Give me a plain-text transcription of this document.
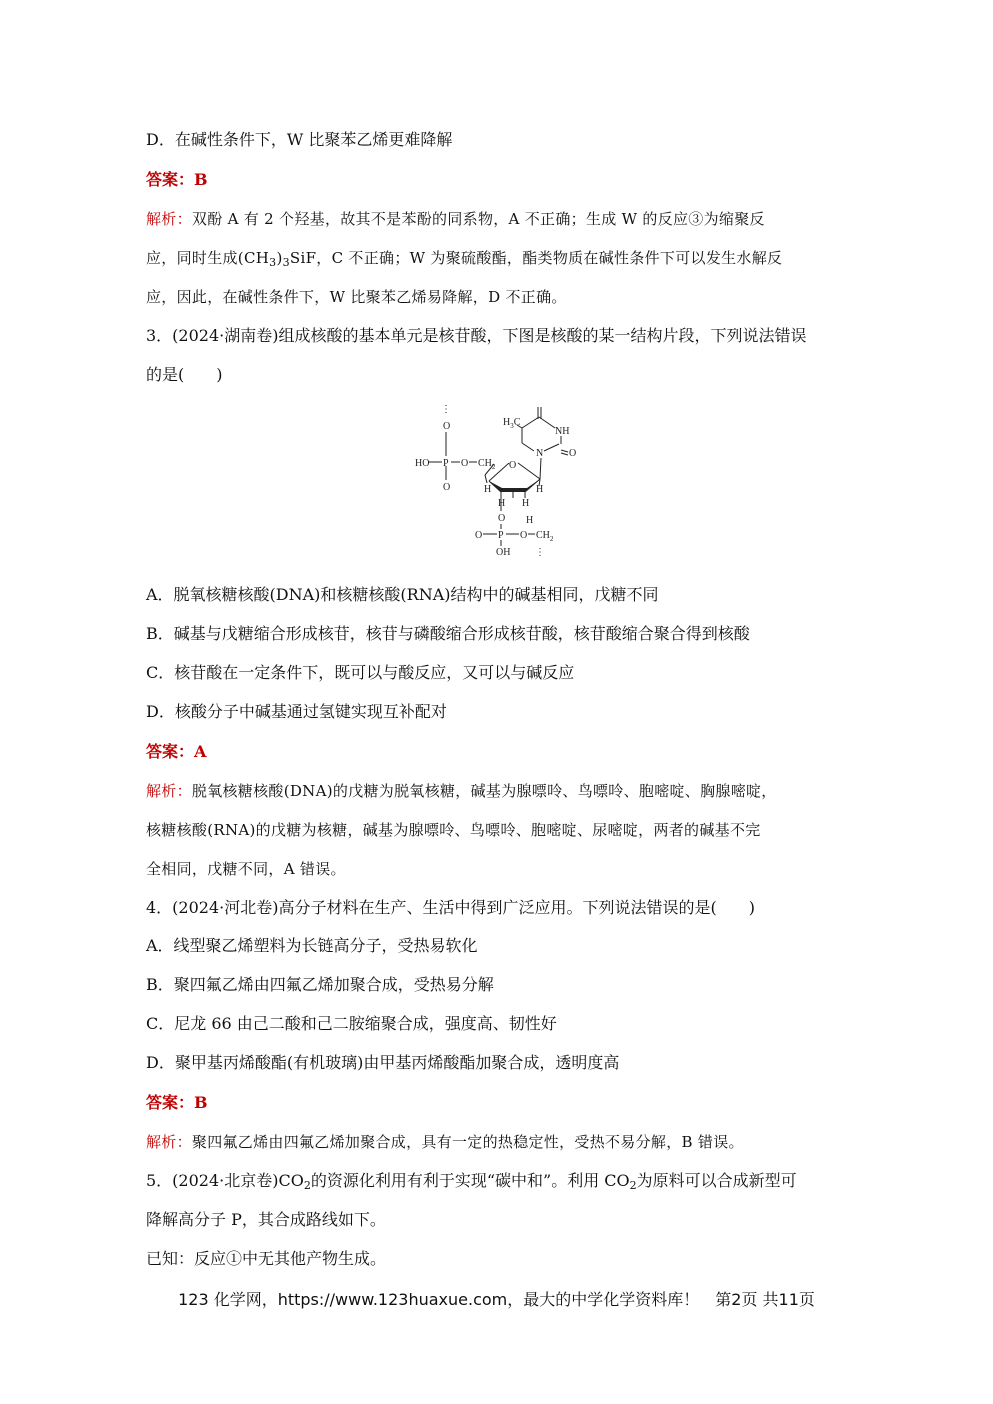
D．在碱性条件下，W 比聚苯乙烯更难降解
答案：B
解析：双酚 A 有 2 个羟基，故其不是苯酚的同系物，A 不正确；生成 W 的反应③为缩聚反
应，同时生成$(CH_3)_3SiF$，C 不正确；W 为聚硫酸酯，酯类物质在碱性条件下可以发生水解反
应，因此，在碱性条件下，W 比聚苯乙烯易降解，D 不正确。
3．(2024·湖南卷)组成核酸的基本单元是核苷酸，下图是核酸的某一结构片段，下列说法错误
的是(　　)
⋮
O
HO P O $CH_2$
O
O
H	H
H H
H
O
O P O $CH_2$
OH ⋮
$H_3C$
NH
N	O
A．脱氧核糖核酸(DNA)和核糖核酸(RNA)结构中的碱基相同，戊糖不同
B．碱基与戊糖缩合形成核苷，核苷与磷酸缩合形成核苷酸，核苷酸缩合聚合得到核酸
C．核苷酸在一定条件下，既可以与酸反应，又可以与碱反应
D．核酸分子中碱基通过氢键实现互补配对
答案：A
解析：脱氧核糖核酸(DNA)的戊糖为脱氧核糖，碱基为腺嘌呤、鸟嘌呤、胞嘧啶、胸腺嘧啶，
核糖核酸(RNA)的戊糖为核糖，碱基为腺嘌呤、鸟嘌呤、胞嘧啶、尿嘧啶，两者的碱基不完
全相同，戊糖不同，A 错误。
4．(2024·河北卷)高分子材料在生产、生活中得到广泛应用。下列说法错误的是(　　)
A．线型聚乙烯塑料为长链高分子，受热易软化
B．聚四氟乙烯由四氟乙烯加聚合成，受热易分解
C．尼龙 66 由己二酸和己二胺缩聚合成，强度高、韧性好
D．聚甲基丙烯酸酯(有机玻璃)由甲基丙烯酸酯加聚合成，透明度高
答案：B
解析：聚四氟乙烯由四氟乙烯加聚合成，具有一定的热稳定性，受热不易分解，B 错误。
5．(2024·北京卷)$CO_2$的资源化利用有利于实现“碳中和”。利用 $CO_2$为原料可以合成新型可
降解高分子 P，其合成路线如下。
已知：反应①中无其他产物生成。
123 化学网，https://www.123huaxue.com，最大的中学化学资料库！　第2页 共11页
